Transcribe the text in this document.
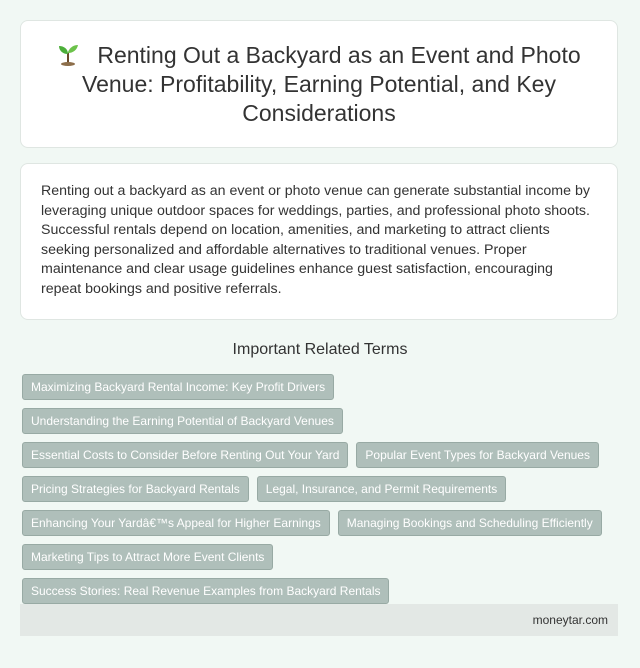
Renting Out a Backyard as an Event and Photo Venue: Profitability, Earning Potential, and Key Considerations

Renting out a backyard as an event or photo venue can generate substantial income by leveraging unique outdoor spaces for weddings, parties, and professional photo shoots. Successful rentals depend on location, amenities, and marketing to attract clients seeking personalized and affordable alternatives to traditional venues. Proper maintenance and clear usage guidelines enhance guest satisfaction, encouraging repeat bookings and positive referrals.

Important Related Terms
Maximizing Backyard Rental Income: Key Profit Drivers
Understanding the Earning Potential of Backyard Venues
Essential Costs to Consider Before Renting Out Your Yard	Popular Event Types for Backyard Venues
Pricing Strategies for Backyard Rentals	Legal, Insurance, and Permit Requirements
Enhancing Your Yardâ€™s Appeal for Higher Earnings	Managing Bookings and Scheduling Efficiently
Marketing Tips to Attract More Event Clients
Success Stories: Real Revenue Examples from Backyard Rentals
moneytar.com
